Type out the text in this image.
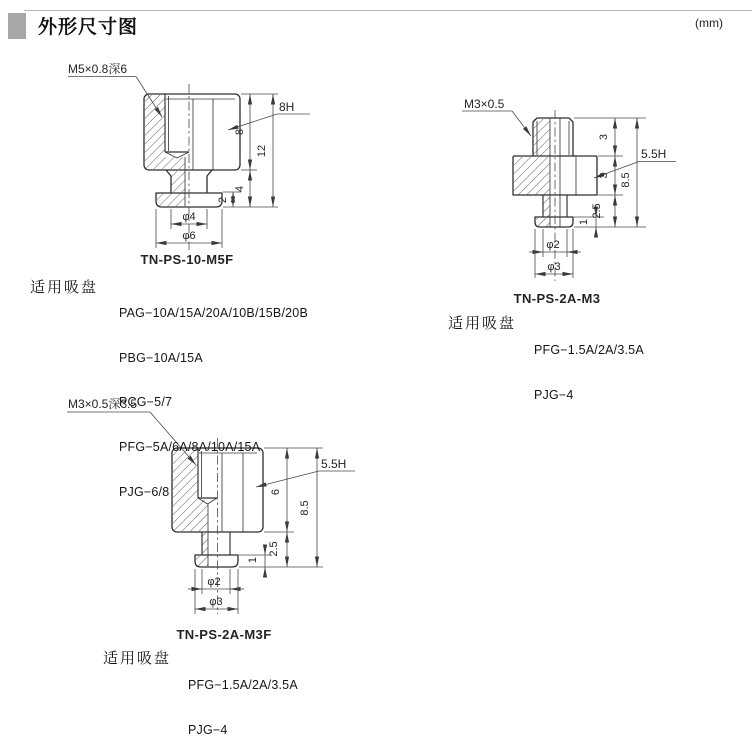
外形尺寸图	(mm)
M5×0.8深6
8H
8
12
4
2
φ4
φ6
TN-PS-10-M5F
M3×0.5
5.5H
3
3
2.5
1
8.5
φ2
φ3
TN-PS-2A-M3
M3×0.5深3.5
5.5H
6
2.5
1
8.5
φ2
φ3
TN-PS-2A-M3F
适用吸盘

PAG−10A/15A/20A/10B/15B/20B

PBG−10A/15A

PCG−5/7

PFG−5A/6A/8A/10A/15A

PJG−6/8

适用吸盘

PFG−1.5A/2A/3.5A

PJG−4

适用吸盘

PFG−1.5A/2A/3.5A

PJG−4
